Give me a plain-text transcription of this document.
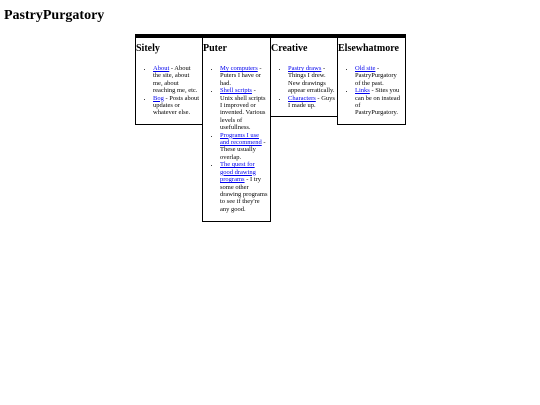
PastryPurgatory
Sitely
• About - About the site, about me, about reaching me, etc.
• Bog - Posts about updates or whatever else.
Puter
• My computers - Puters I have or had.
• Shell scripts - Unix shell scripts I improved or invented. Various levels of usefullness.
• Programs I use and recommend - These usually overlap.
• The quest for good drawing programs - I try some other drawing programs to see if they're any good.
Creative
• Pastry draws - Things I drew. New drawings appear erratically.
• Characters - Guys I made up.
Elsewhatmore
• Old site - PastryPurgatory of the past.
• Links - Sites you can be on instead of PastryPurgatory.
